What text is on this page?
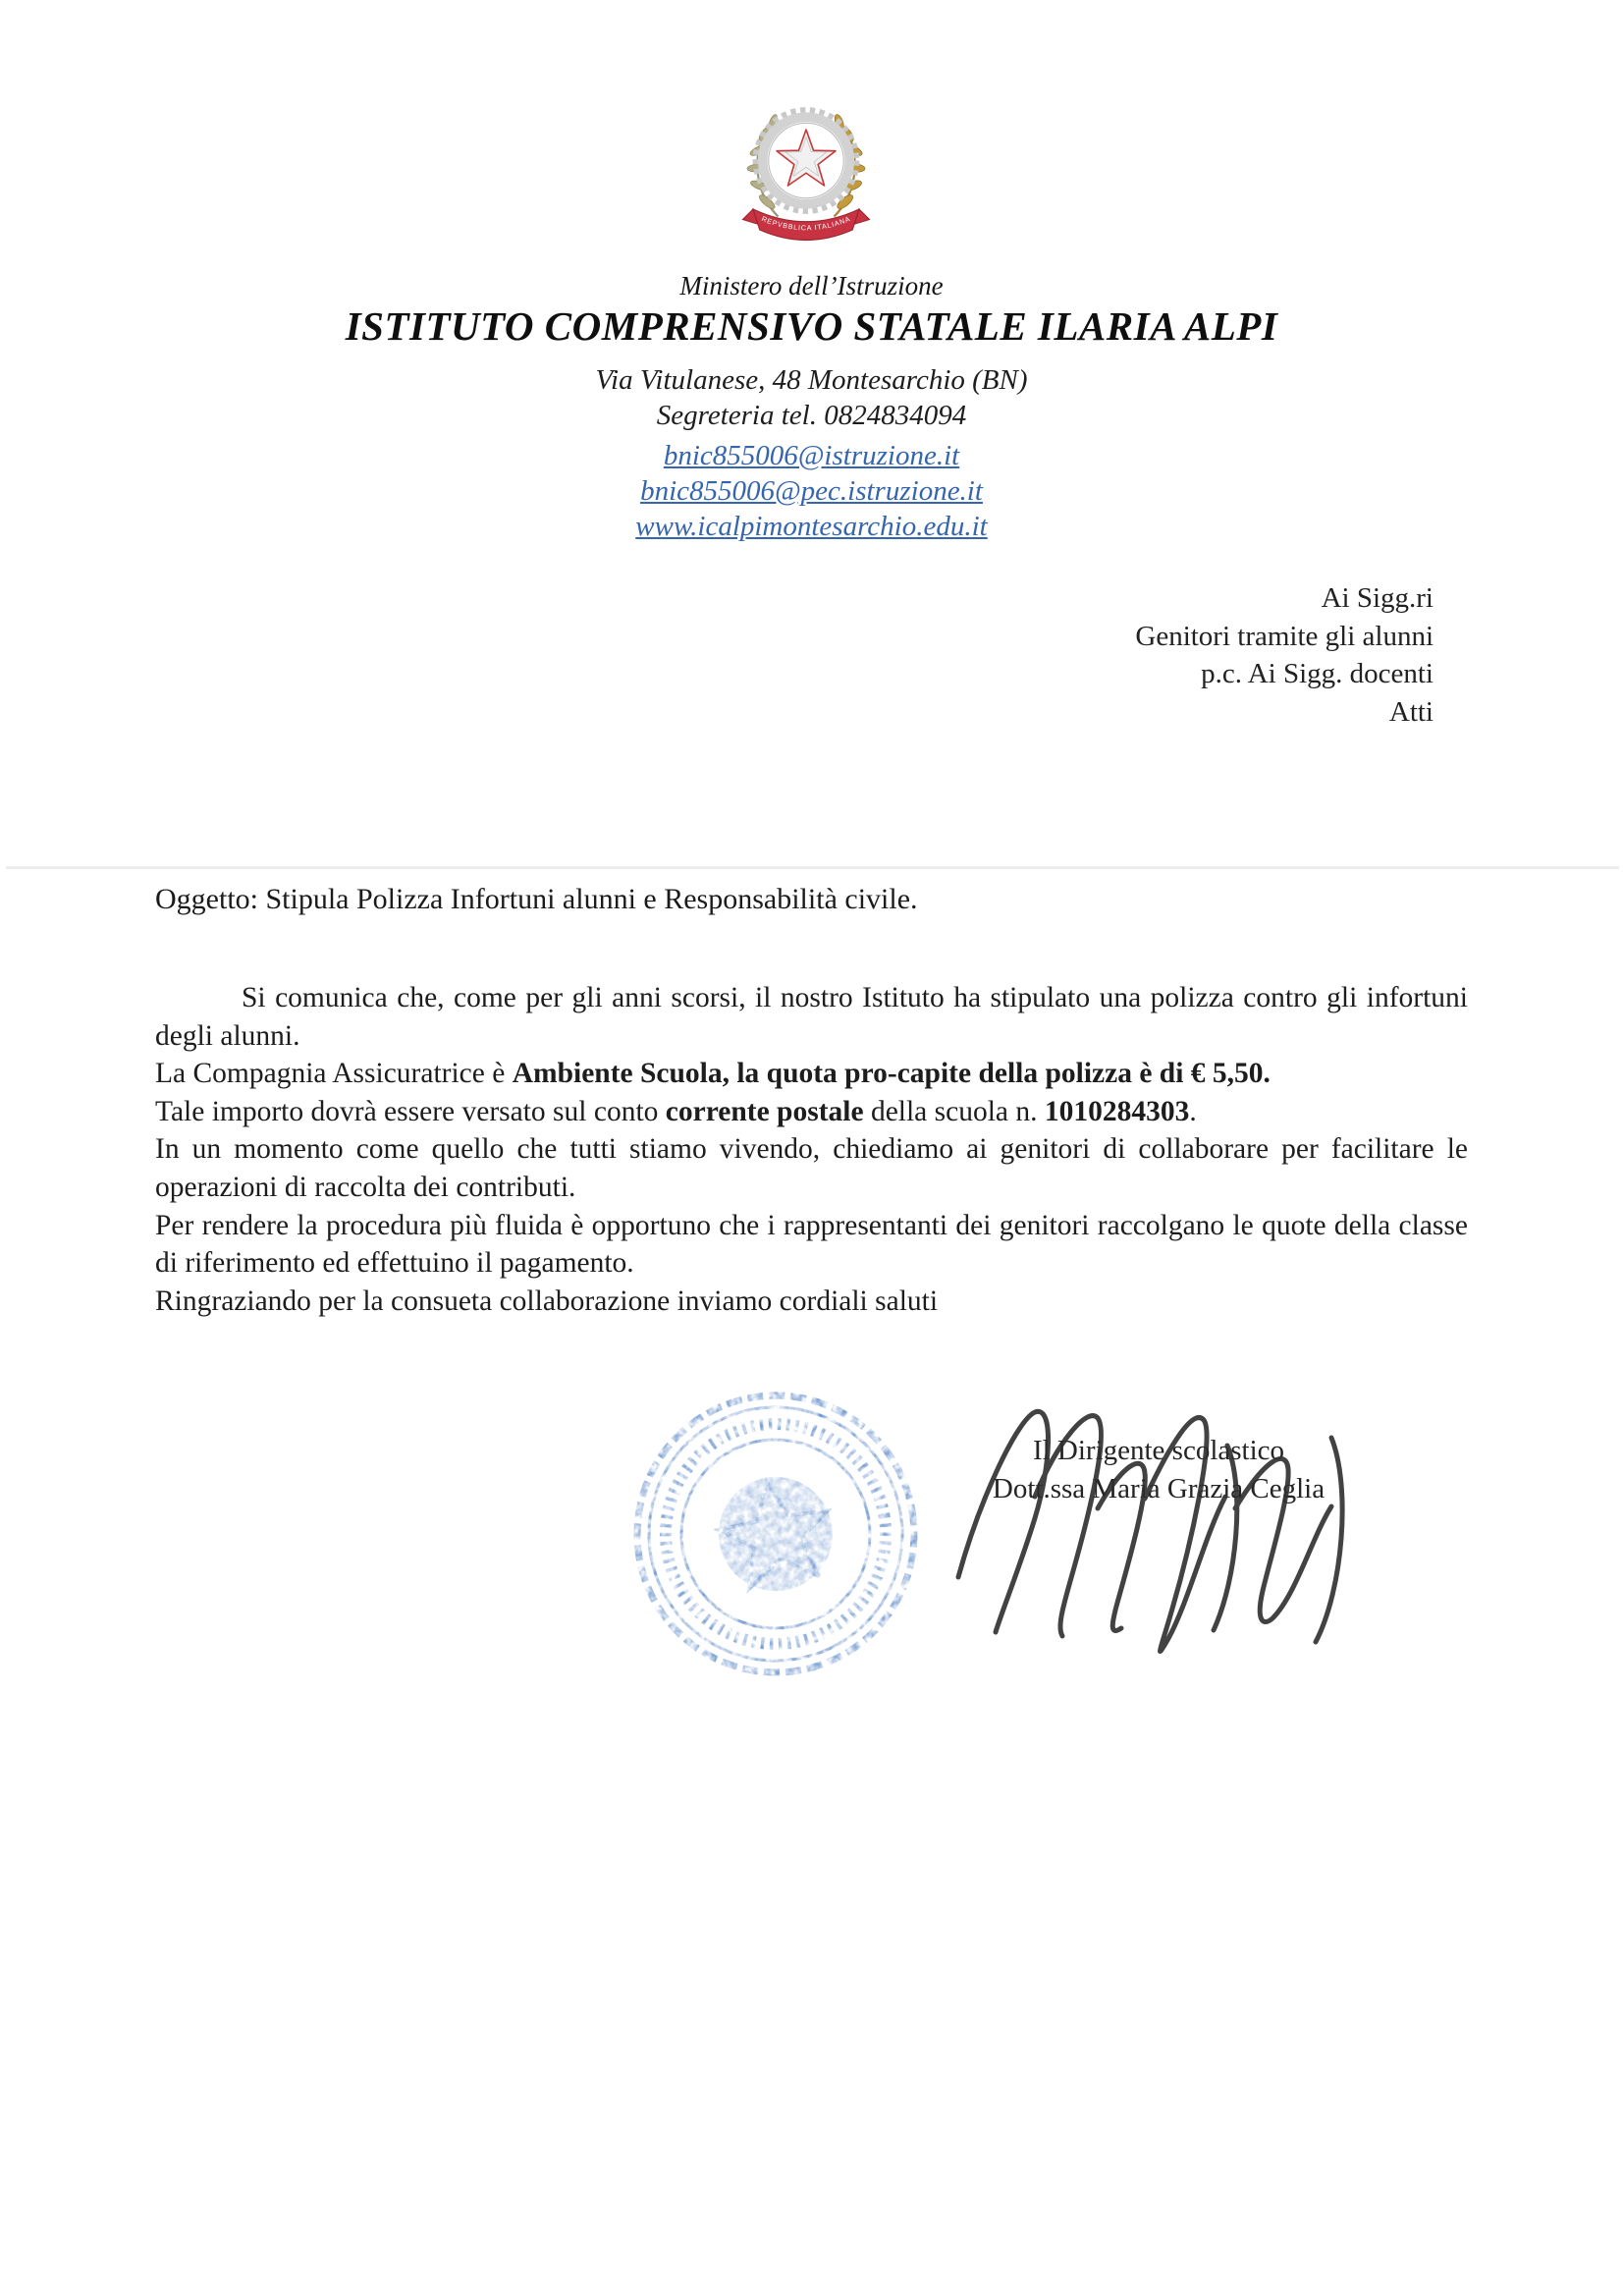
REPVBBLICA ITALIANA
Ministero dell’Istruzione
ISTITUTO COMPRENSIVO STATALE ILARIA ALPI
Via Vitulanese, 48 Montesarchio (BN)
Segreteria tel. 0824834094
bnic855006@istruzione.it
bnic855006@pec.istruzione.it
www.icalpimontesarchio.edu.it
Ai Sigg.ri
Genitori tramite gli alunni
p.c. Ai Sigg. docenti
Atti
Oggetto: Stipula Polizza Infortuni alunni e Responsabilità civile.

Si comunica che, come per gli anni scorsi, il nostro Istituto ha stipulato una polizza contro gli infortuni degli alunni.

La Compagnia Assicuratrice è Ambiente Scuola, la quota pro-capite della polizza è di € 5,50.

Tale importo dovrà essere versato sul conto corrente postale della scuola n. 1010284303.

In un momento come quello che tutti stiamo vivendo, chiediamo ai genitori di collaborare per facilitare le operazioni di raccolta dei contributi.

Per rendere la procedura più fluida è opportuno che i rappresentanti dei genitori raccolgano le quote della classe di riferimento ed effettuino il pagamento.

Ringraziando per la consueta collaborazione inviamo cordiali saluti

Il Dirigente scolastico
Dott.ssa Maria Grazia Ceglia
